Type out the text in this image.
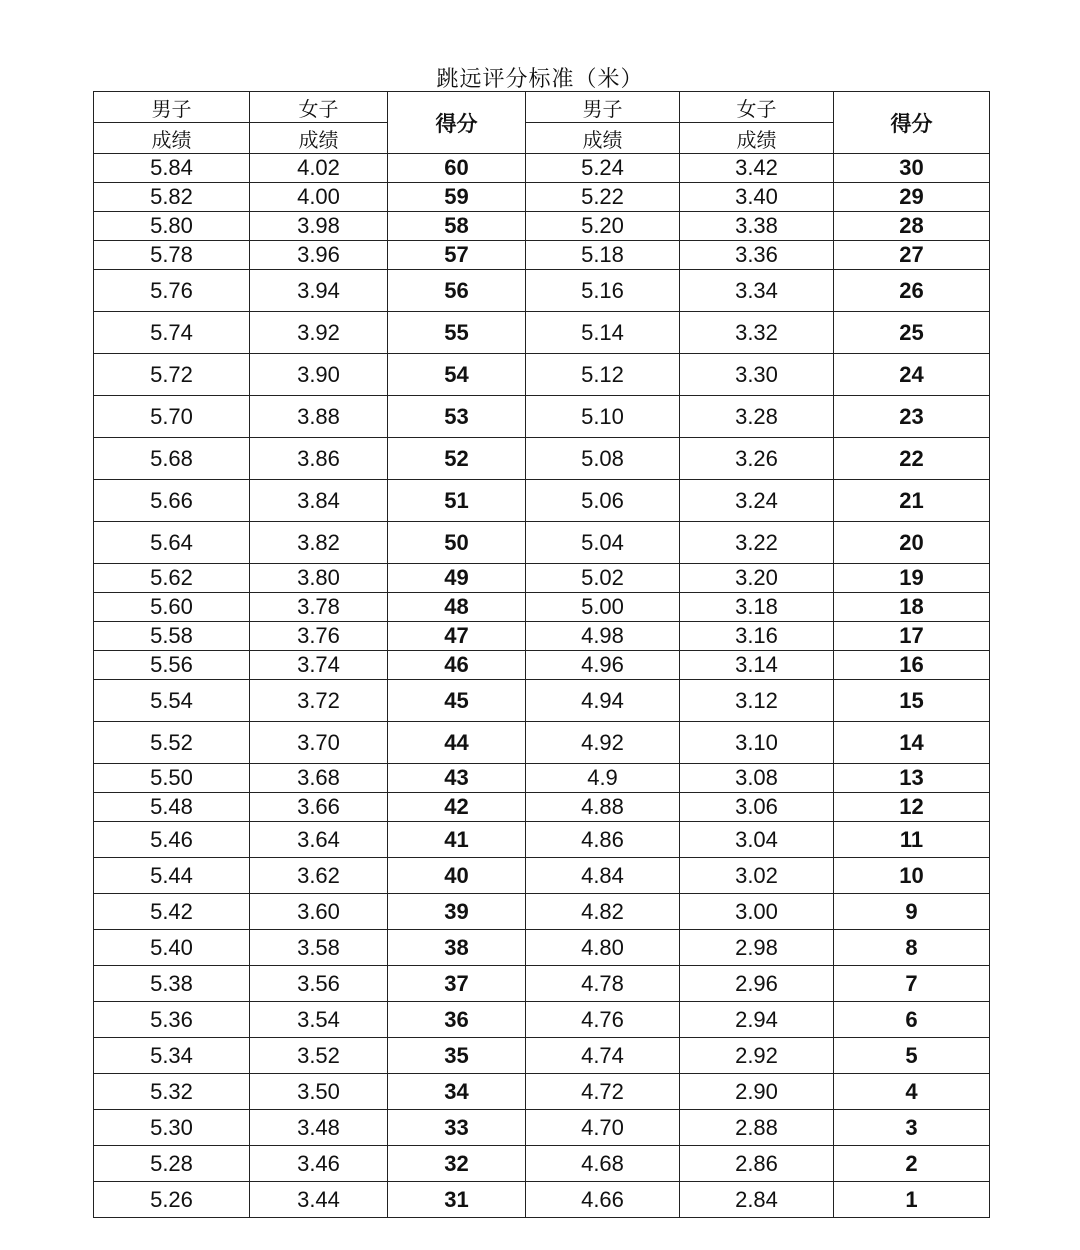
跳远评分标准（米）
男子	女子	得分	男子	女子	得分
成绩	成绩		成绩	成绩	
5.84	4.02	60	5.24	3.42	30
5.82	4.00	59	5.22	3.40	29
5.80	3.98	58	5.20	3.38	28
5.78	3.96	57	5.18	3.36	27
5.76	3.94	56	5.16	3.34	26
5.74	3.92	55	5.14	3.32	25
5.72	3.90	54	5.12	3.30	24
5.70	3.88	53	5.10	3.28	23
5.68	3.86	52	5.08	3.26	22
5.66	3.84	51	5.06	3.24	21
5.64	3.82	50	5.04	3.22	20
5.62	3.80	49	5.02	3.20	19
5.60	3.78	48	5.00	3.18	18
5.58	3.76	47	4.98	3.16	17
5.56	3.74	46	4.96	3.14	16
5.54	3.72	45	4.94	3.12	15
5.52	3.70	44	4.92	3.10	14
5.50	3.68	43	4.9	3.08	13
5.48	3.66	42	4.88	3.06	12
5.46	3.64	41	4.86	3.04	11
5.44	3.62	40	4.84	3.02	10
5.42	3.60	39	4.82	3.00	9
5.40	3.58	38	4.80	2.98	8
5.38	3.56	37	4.78	2.96	7
5.36	3.54	36	4.76	2.94	6
5.34	3.52	35	4.74	2.92	5
5.32	3.50	34	4.72	2.90	4
5.30	3.48	33	4.70	2.88	3
5.28	3.46	32	4.68	2.86	2
5.26	3.44	31	4.66	2.84	1
